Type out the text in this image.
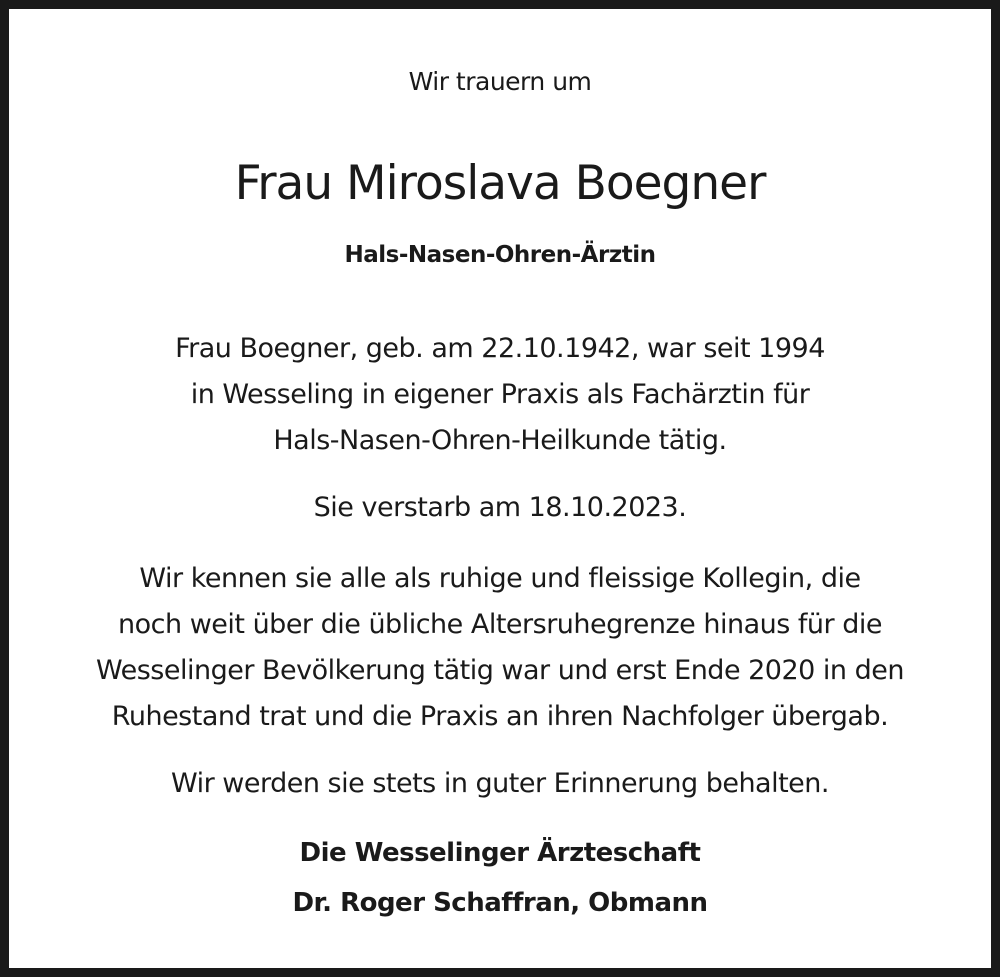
Wir trauern um
Frau Miroslava Boegner
Hals-Nasen-Ohren-Ärztin
Frau Boegner, geb. am 22.10.1942, war seit 1994
in Wesseling in eigener Praxis als Fachärztin für
Hals-Nasen-Ohren-Heilkunde tätig.
Sie verstarb am 18.10.2023.
Wir kennen sie alle als ruhige und fleissige Kollegin, die
noch weit über die übliche Altersruhegrenze hinaus für die
Wesselinger Bevölkerung tätig war und erst Ende 2020 in den
Ruhestand trat und die Praxis an ihren Nachfolger übergab.
Wir werden sie stets in guter Erinnerung behalten.
Die Wesselinger Ärzteschaft
Dr. Roger Schaffran, Obmann
